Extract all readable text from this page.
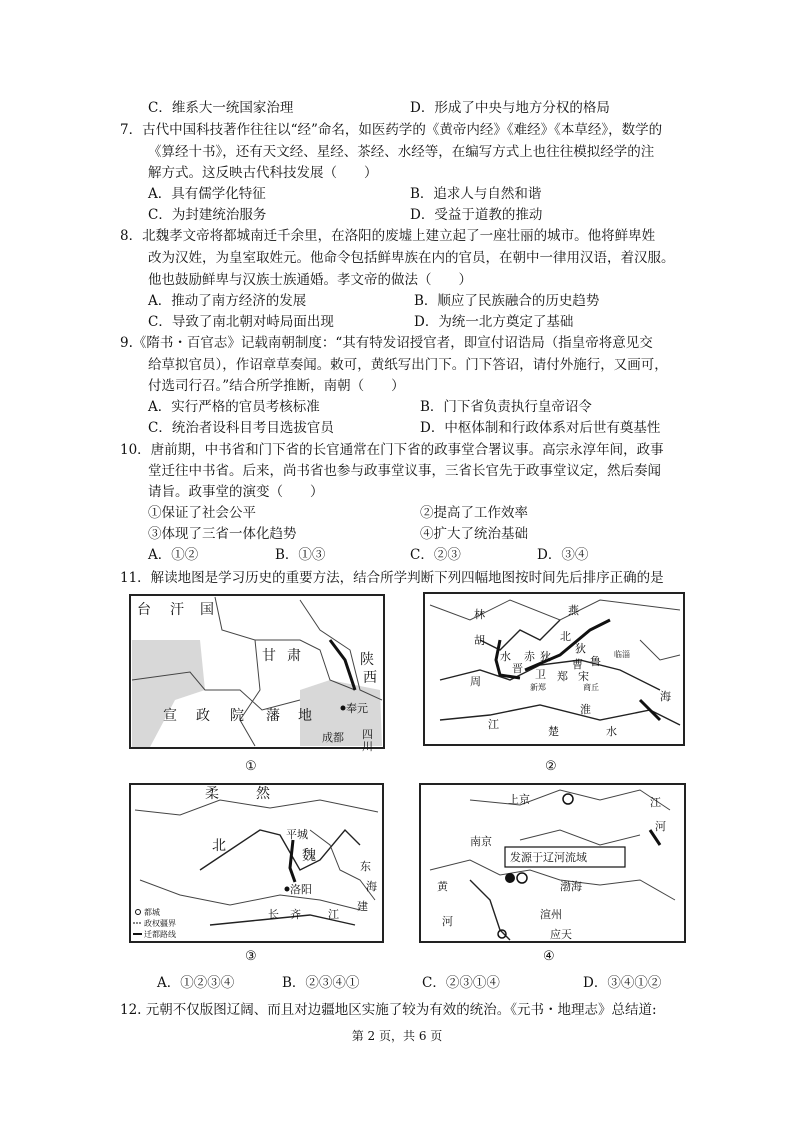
C．维系大一统国家治理	D．形成了中央与地方分权的格局
7．古代中国科技著作往往以“经”命名，如医药学的《黄帝内经》《难经》《本草经》，数学的
《算经十书》，还有天文经、星经、茶经、水经等，在编写方式上也往往模拟经学的注
解方式。这反映古代科技发展（　　）
A．具有儒学化特征	B．追求人与自然和谐
C．为封建统治服务	D．受益于道教的推动
8．北魏孝文帝将都城南迁千余里，在洛阳的废墟上建立起了一座壮丽的城市。他将鲜卑姓
改为汉姓，为皇室取姓元。他命令包括鲜卑族在内的官员，在朝中一律用汉语，着汉服。
他也鼓励鲜卑与汉族士族通婚。孝文帝的做法（　　）
A．推动了南方经济的发展	B．顺应了民族融合的历史趋势
C．导致了南北朝对峙局面出现	D．为统一北方奠定了基础
9.《隋书・百官志》记载南朝制度：“其有特发诏授官者，即宣付诏诰局（指皇帝将意见交
给草拟官员），作诏章草奏闻。敕可，黄纸写出门下。门下答诏，请付外施行，又画可，
付选司行召。”结合所学推断，南朝（　　）
A．实行严格的官员考核标准	B．门下省负责执行皇帝诏令
C．统治者设科目考目选拔官员	D．中枢体制和行政体系对后世有奠基性
10．唐前期，中书省和门下省的长官通常在门下省的政事堂合署议事。高宗永淳年间，政事
堂迁往中书省。后来，尚书省也参与政事堂议事，三省长官先于政事堂议定，然后奏闻
请旨。政事堂的演变（　　）
①保证了社会公平	②提高了工作效率
③体现了三省一体化趋势	④扩大了统治基础
A．①②	B．①③	C．②③	D．③④
11．解读地图是学习历史的重要方法，结合所学判断下列四幅地图按时间先后排序正确的是
台 汗 国
甘 肃	陕
西
宣 政 院 藩 地
成都 四
川
奉元
①
燕
林
胡	北
狄
赤 狄
水
晋
鲁
郑 宋
楚
周
卫
曹
临淄
新郑	商丘
江
淮
海
水
②
柔	然
平城
魏
北
洛阳
东
海
长 齐 江
建
都城
政权疆界
迁都路线
③
上京	江
河
南京
发源于辽河流域
黄
河
渤海
渲州
应天
④
A．①②③④	B．②③④①	C．②③①④	D．③④①②
12. 元朝不仅版图辽阔、而且对边疆地区实施了较为有效的统治。《元书・地理志》总结道:
第 2 页，共 6 页
